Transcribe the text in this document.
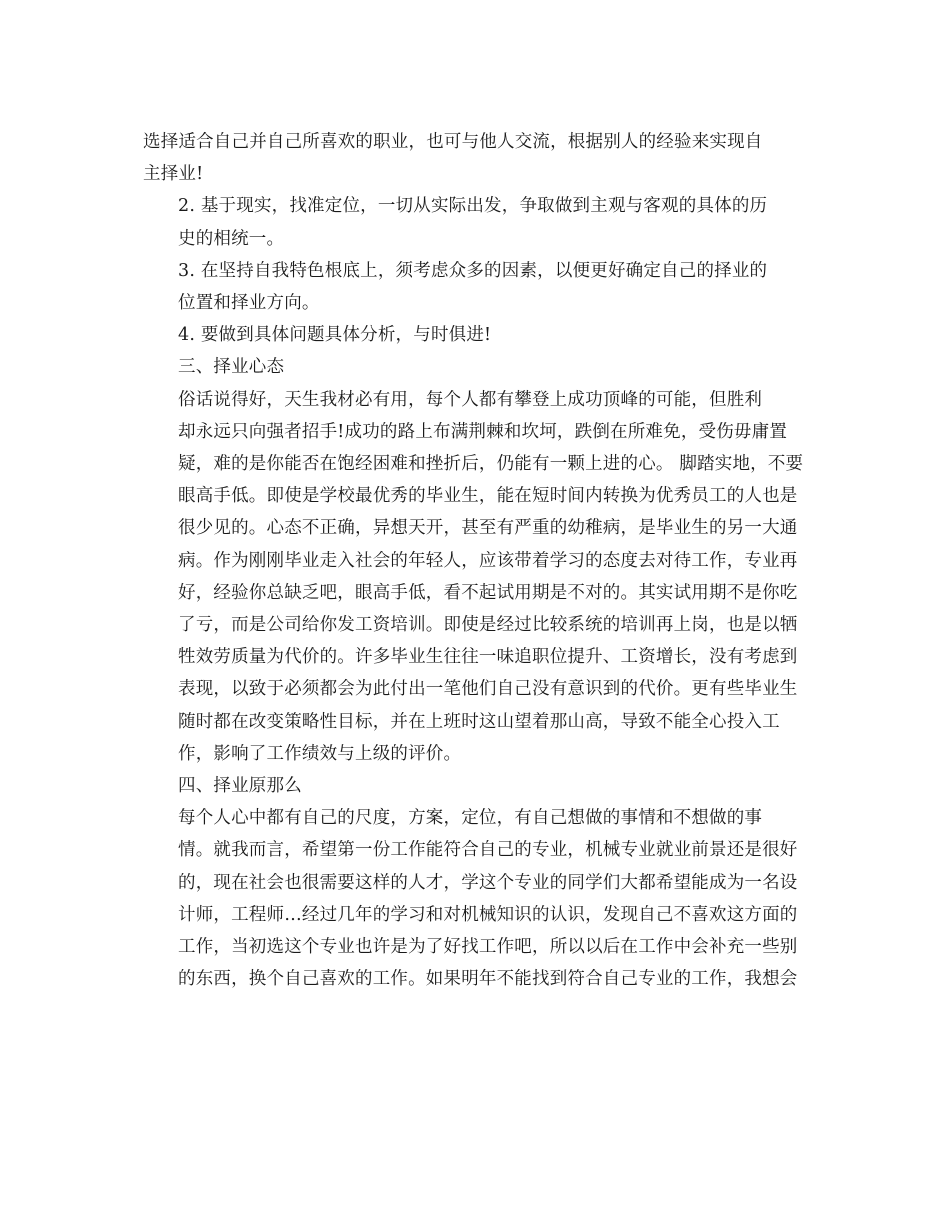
选择适合自己并自己所喜欢的职业，也可与他人交流，根据别人的经验来实现自
主择业!

2. 基于现实，找准定位，一切从实际出发，争取做到主观与客观的具体的历
史的相统一。

3. 在坚持自我特色根底上，须考虑众多的因素，以便更好确定自己的择业的
位置和择业方向。

4. 要做到具体问题具体分析，与时俱进!

三、择业心态

俗话说得好，天生我材必有用，每个人都有攀登上成功顶峰的可能，但胜利
却永远只向强者招手!成功的路上布满荆棘和坎坷，跌倒在所难免，受伤毋庸置
疑，难的是你能否在饱经困难和挫折后，仍能有一颗上进的心。 脚踏实地，不要
眼高手低。即使是学校最优秀的毕业生，能在短时间内转换为优秀员工的人也是
很少见的。心态不正确，异想天开，甚至有严重的幼稚病，是毕业生的另一大通
病。作为刚刚毕业走入社会的年轻人，应该带着学习的态度去对待工作，专业再
好，经验你总缺乏吧，眼高手低，看不起试用期是不对的。其实试用期不是你吃
了亏，而是公司给你发工资培训。即使是经过比较系统的培训再上岗，也是以牺
牲效劳质量为代价的。许多毕业生往往一味追职位提升、工资增长，没有考虑到
表现，以致于必须都会为此付出一笔他们自己没有意识到的代价。更有些毕业生
随时都在改变策略性目标，并在上班时这山望着那山高，导致不能全心投入工
作，影响了工作绩效与上级的评价。

四、择业原那么

每个人心中都有自己的尺度，方案，定位，有自己想做的事情和不想做的事
情。就我而言，希望第一份工作能符合自己的专业，机械专业就业前景还是很好
的，现在社会也很需要这样的人才，学这个专业的同学们大都希望能成为一名设
计师，工程师…经过几年的学习和对机械知识的认识，发现自己不喜欢这方面的
工作，当初选这个专业也许是为了好找工作吧，所以以后在工作中会补充一些别
的东西，换个自己喜欢的工作。如果明年不能找到符合自己专业的工作，我想会
